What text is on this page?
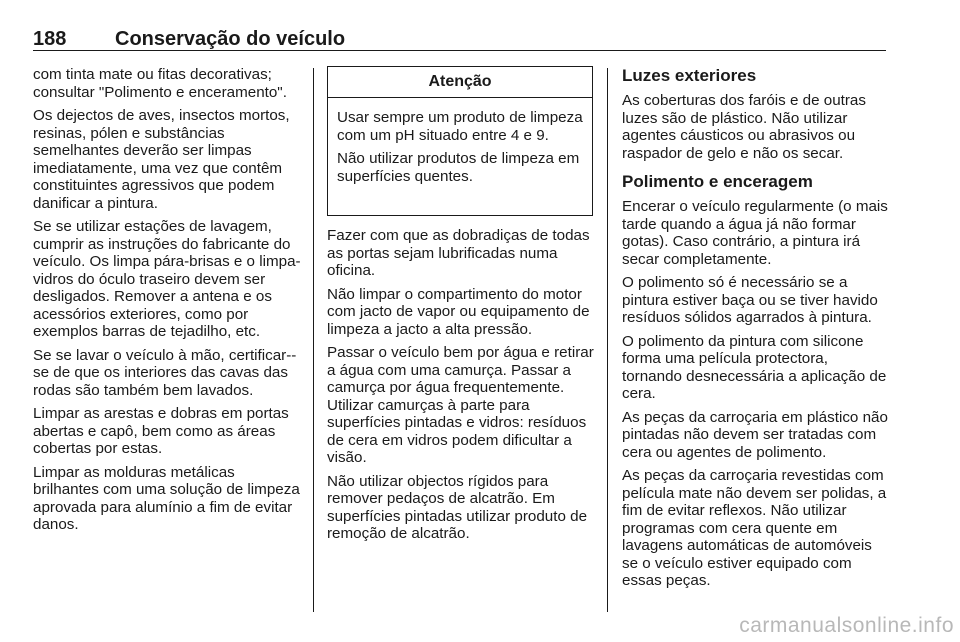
188 Conservação do veículo

com tinta mate ou fitas decorativas; consultar "Polimento e enceramento".

Os dejectos de aves, insectos mortos, resinas, pólen e substâncias semelhantes deverão ser limpas imediatamente, uma vez que contêm constituintes agressivos que podem danificar a pintura.

Se se utilizar estações de lavagem, cumprir as instruções do fabricante do veículo. Os limpa pára-brisas e o limpa-vidros do óculo traseiro devem ser desligados. Remover a antena e os acessórios exteriores, como por exemplos barras de tejadilho, etc.

Se se lavar o veículo à mão, certificar--se de que os interiores das cavas das rodas são também bem lavados.

Limpar as arestas e dobras em portas abertas e capô, bem como as áreas cobertas por estas.

Limpar as molduras metálicas brilhantes com uma solução de limpeza aprovada para alumínio a fim de evitar danos.

Atenção

Usar sempre um produto de limpeza com um pH situado entre 4 e 9.

Não utilizar produtos de limpeza em superfícies quentes.

Fazer com que as dobradiças de todas as portas sejam lubrificadas numa oficina.

Não limpar o compartimento do motor com jacto de vapor ou equipamento de limpeza a jacto a alta pressão.

Passar o veículo bem por água e retirar a água com uma camurça. Passar a camurça por água frequentemente. Utilizar camurças à parte para superfícies pintadas e vidros: resíduos de cera em vidros podem dificultar a visão.

Não utilizar objectos rígidos para remover pedaços de alcatrão. Em superfícies pintadas utilizar produto de remoção de alcatrão.

Luzes exteriores

As coberturas dos faróis e de outras luzes são de plástico. Não utilizar agentes cáusticos ou abrasivos ou raspador de gelo e não os secar.

Polimento e enceragem

Encerar o veículo regularmente (o mais tarde quando a água já não formar gotas). Caso contrário, a pintura irá secar completamente.

O polimento só é necessário se a pintura estiver baça ou se tiver havido resíduos sólidos agarrados à pintura.

O polimento da pintura com silicone forma uma película protectora, tornando desnecessária a aplicação de cera.

As peças da carroçaria em plástico não pintadas não devem ser tratadas com cera ou agentes de polimento.

As peças da carroçaria revestidas com película mate não devem ser polidas, a fim de evitar reflexos. Não utilizar programas com cera quente em lavagens automáticas de automóveis se o veículo estiver equipado com essas peças.

carmanualsonline.info
